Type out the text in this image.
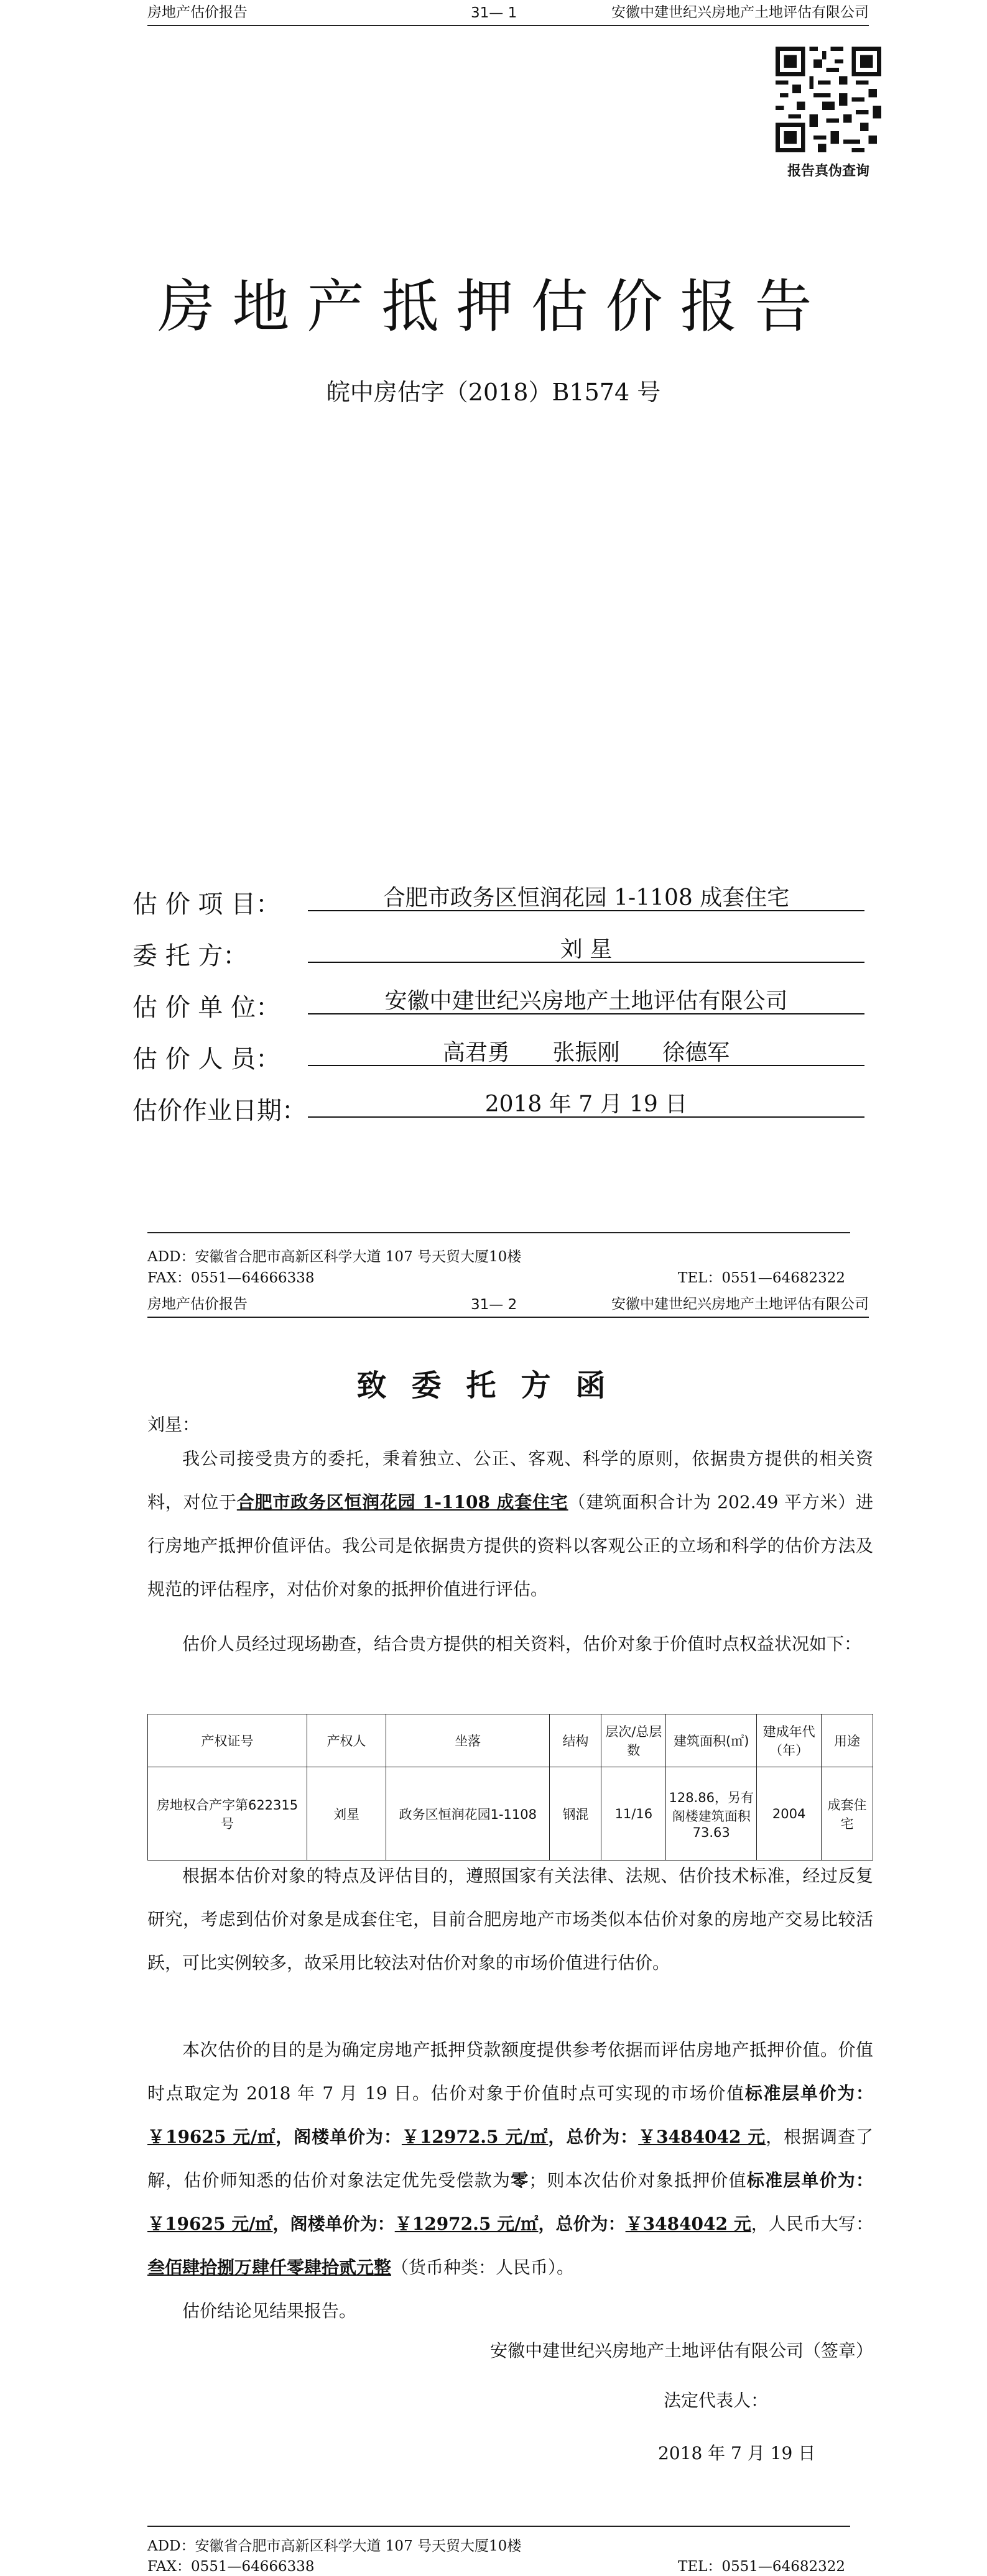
房地产估价报告	31— 1	安徽中建世纪兴房地产土地评估有限公司
报告真伪查询
房地产抵押估价报告
皖中房估字（2018）B1574 号
估 价 项 目：	合肥市政务区恒润花园 1-1108 成套住宅
委 托 方：	刘 星
估 价 单 位：	安徽中建世纪兴房地产土地评估有限公司
估 价 人 员：	高君勇      张振刚      徐德军
估价作业日期：	2018 年 7 月 19 日
ADD：安徽省合肥市高新区科学大道 107 号天贸大厦10楼
FAX：0551—64666338	TEL：0551—64682322
房地产估价报告	31— 2	安徽中建世纪兴房地产土地评估有限公司
致委托方函
刘星：
我公司接受贵方的委托，秉着独立、公正、客观、科学的原则，依据贵方提供的相关资料，对位于合肥市政务区恒润花园 1-1108 成套住宅（建筑面积合计为 202.49 平方米）进行房地产抵押价值评估。我公司是依据贵方提供的资料以客观公正的立场和科学的估价方法及规范的评估程序，对估价对象的抵押价值进行评估。
估价人员经过现场勘查，结合贵方提供的相关资料，估价对象于价值时点权益状况如下：
产权证号	产权人	坐落	结构	层次/总层数	建筑面积(㎡)	建成年代（年）	用途
房地权合产字第622315号	刘星	政务区恒润花园1-1108	钢混	11/16	128.86，另有阁楼建筑面积73.63	2004	成套住宅
根据本估价对象的特点及评估目的，遵照国家有关法律、法规、估价技术标准，经过反复研究，考虑到估价对象是成套住宅，目前合肥房地产市场类似本估价对象的房地产交易比较活跃，可比实例较多，故采用比较法对估价对象的市场价值进行估价。
本次估价的目的是为确定房地产抵押贷款额度提供参考依据而评估房地产抵押价值。价值时点取定为 2018 年 7 月 19 日。估价对象于价值时点可实现的市场价值标准层单价为：￥19625 元/㎡，阁楼单价为：￥12972.5 元/㎡，总价为：￥3484042 元，根据调查了解，估价师知悉的估价对象法定优先受偿款为零；则本次估价对象抵押价值标准层单价为：￥19625 元/㎡，阁楼单价为：￥12972.5 元/㎡，总价为：￥3484042 元，人民币大写：叁佰肆拾捌万肆仟零肆拾贰元整（货币种类：人民币）。
估价结论见结果报告。
安徽中建世纪兴房地产土地评估有限公司（签章）
法定代表人：
2018 年 7 月 19 日
ADD：安徽省合肥市高新区科学大道 107 号天贸大厦10楼
FAX：0551—64666338	TEL：0551—64682322
